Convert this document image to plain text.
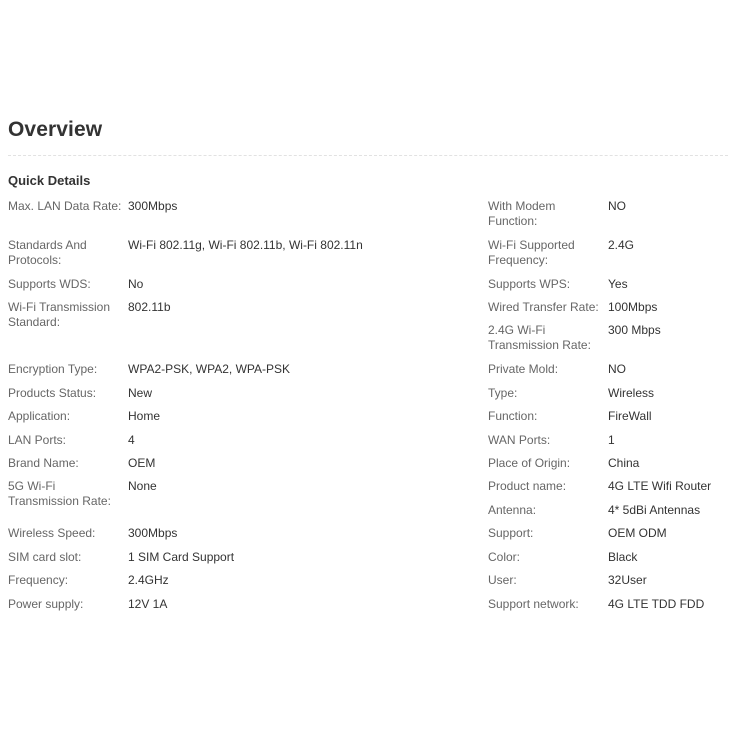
Overview
Quick Details
Max. LAN Data Rate: 300Mbps
Standards And Protocols:
Wi-Fi 802.11g, Wi-Fi 802.11b, Wi-Fi 802.11n
Supports WDS:	No
Wi-Fi Transmission Standard:
802.11b
Encryption Type:	WPA2-PSK, WPA2, WPA-PSK
Products Status:	New
Application:	Home
LAN Ports:	4
Brand Name:	OEM
5G Wi-Fi Transmission Rate:
None
Wireless Speed:	300Mbps
SIM card slot:	1 SIM Card Support
Frequency:	2.4GHz
Power supply:	12V 1A
With Modem Function:
NO
Wi-Fi Supported Frequency:
2.4G
Supports WPS:	Yes
Wired Transfer Rate: 100Mbps
2.4G Wi-Fi Transmission Rate:
300 Mbps
Private Mold:	NO
Type:	Wireless
Function:	FireWall
WAN Ports:	1
Place of Origin:	China
Product name:	4G LTE Wifi Router
Antenna:	4* 5dBi Antennas
Support:	OEM ODM
Color:	Black
User:	32User
Support network:	4G LTE TDD FDD
